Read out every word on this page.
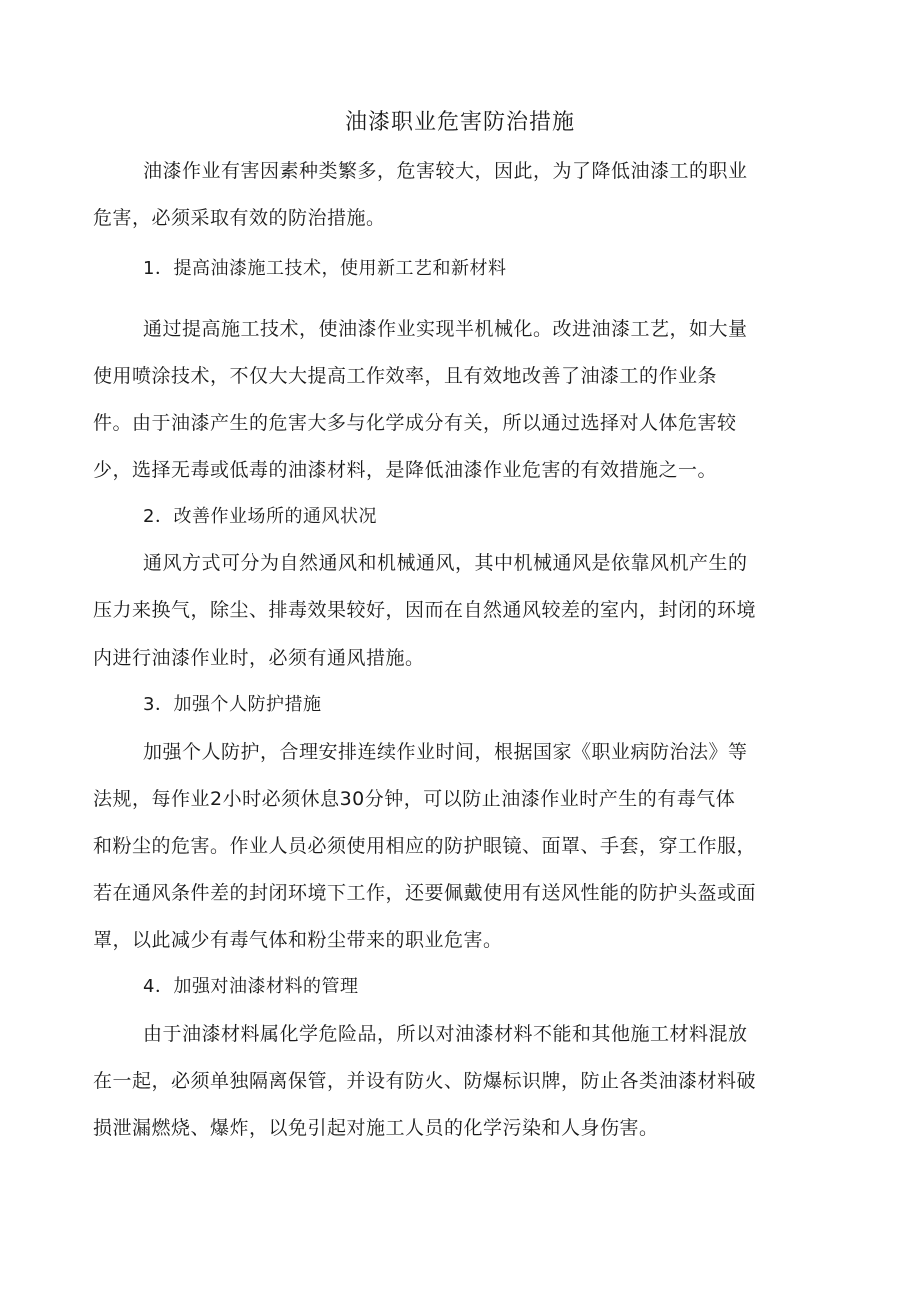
油漆职业危害防治措施
油漆作业有害因素种类繁多，危害较大，因此，为了降低油漆工的职业
危害，必须采取有效的防治措施。
1．提高油漆施工技术，使用新工艺和新材料
通过提高施工技术，使油漆作业实现半机械化。改进油漆工艺，如大量
使用喷涂技术，不仅大大提高工作效率，且有效地改善了油漆工的作业条
件。由于油漆产生的危害大多与化学成分有关，所以通过选择对人体危害较
少，选择无毒或低毒的油漆材料，是降低油漆作业危害的有效措施之一。
2．改善作业场所的通风状况
通风方式可分为自然通风和机械通风，其中机械通风是依靠风机产生的
压力来换气，除尘、排毒效果较好，因而在自然通风较差的室内，封闭的环境
内进行油漆作业时，必须有通风措施。
3．加强个人防护措施
加强个人防护，合理安排连续作业时间，根据国家《职业病防治法》等
法规，每作业2小时必须休息30分钟，可以防止油漆作业时产生的有毒气体
和粉尘的危害。作业人员必须使用相应的防护眼镜、面罩、手套，穿工作服，
若在通风条件差的封闭环境下工作，还要佩戴使用有送风性能的防护头盔或面
罩，以此减少有毒气体和粉尘带来的职业危害。
4．加强对油漆材料的管理
由于油漆材料属化学危险品，所以对油漆材料不能和其他施工材料混放
在一起，必须单独隔离保管，并设有防火、防爆标识牌，防止各类油漆材料破
损泄漏燃烧、爆炸，以免引起对施工人员的化学污染和人身伤害。
